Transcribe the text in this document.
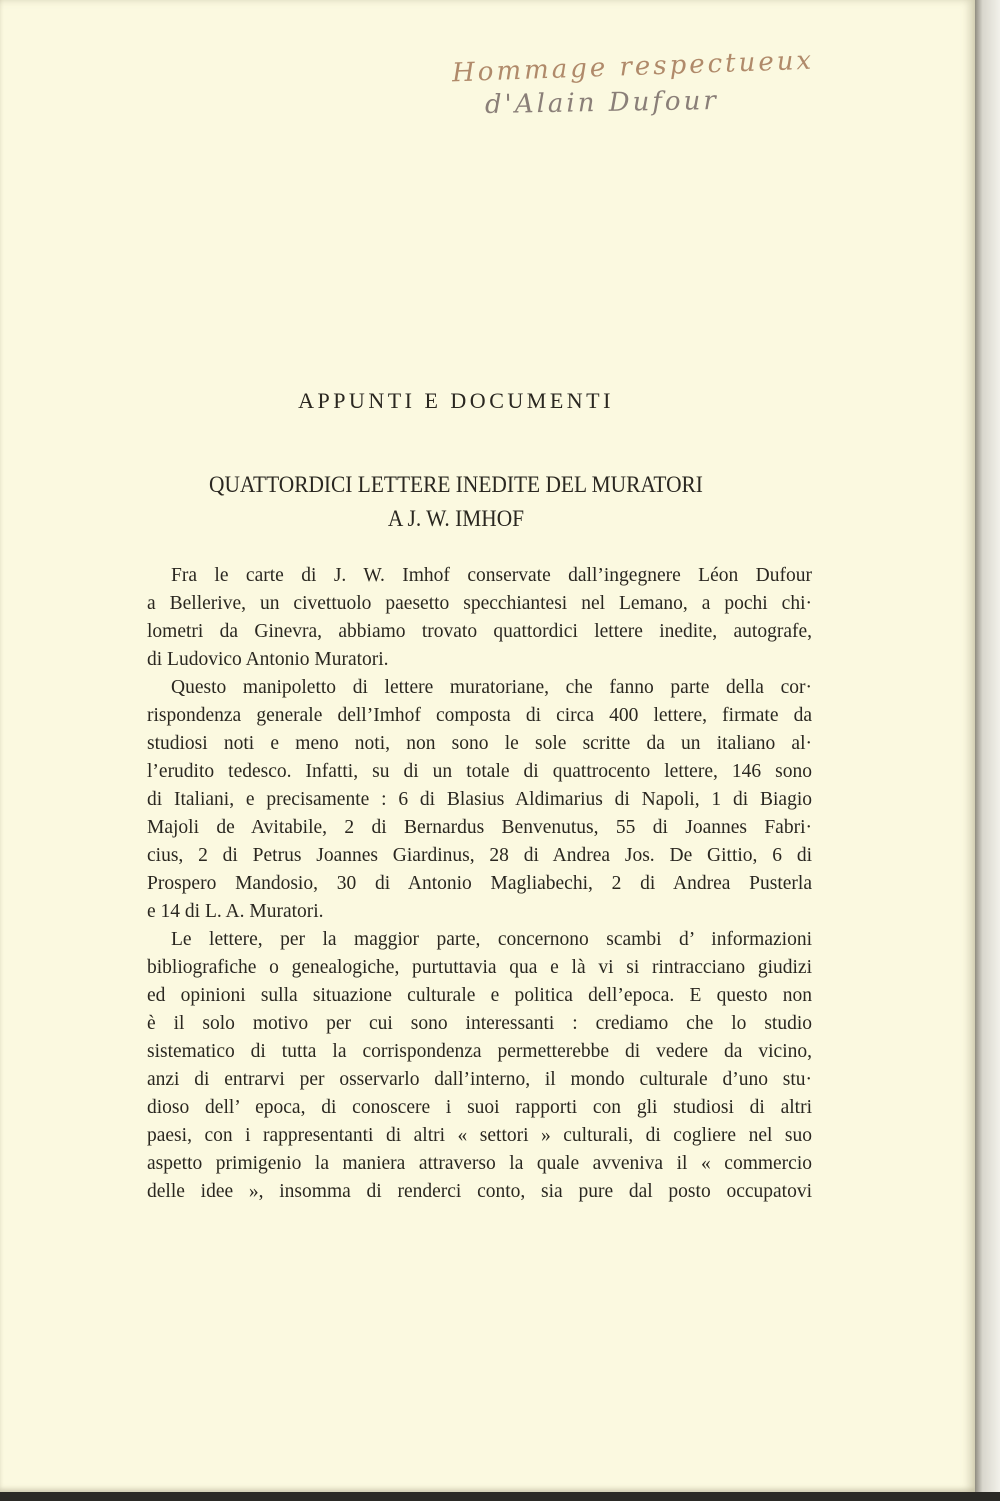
Hommage respectueux
d'Alain Dufour
APPUNTI E DOCUMENTI
QUATTORDICI LETTERE INEDITE DEL MURATORI
A J. W. IMHOF
Fra le carte di J. W. Imhof conservate dall’ingegnere Léon Dufour
a Bellerive, un civettuolo paesetto specchiantesi nel Lemano, a pochi chi·
lometri da Ginevra, abbiamo trovato quattordici lettere inedite, autografe,
di Ludovico Antonio Muratori.
Questo manipoletto di lettere muratoriane, che fanno parte della cor·
rispondenza generale dell’Imhof composta di circa 400 lettere, firmate da
studiosi noti e meno noti, non sono le sole scritte da un italiano al·
l’erudito tedesco. Infatti, su di un totale di quattrocento lettere, 146 sono
di Italiani, e precisamente : 6 di Blasius Aldimarius di Napoli, 1 di Biagio
Majoli de Avitabile, 2 di Bernardus Benvenutus, 55 di Joannes Fabri·
cius, 2 di Petrus Joannes Giardinus, 28 di Andrea Jos. De Gittio, 6 di
Prospero Mandosio, 30 di Antonio Magliabechi, 2 di Andrea Pusterla
e 14 di L. A. Muratori.
Le lettere, per la maggior parte, concernono scambi d’ informazioni
bibliografiche o genealogiche, purtuttavia qua e là vi si rintracciano giudizi
ed opinioni sulla situazione culturale e politica dell’epoca. E questo non
è il solo motivo per cui sono interessanti : crediamo che lo studio
sistematico di tutta la corrispondenza permetterebbe di vedere da vicino,
anzi di entrarvi per osservarlo dall’interno, il mondo culturale d’uno stu·
dioso dell’ epoca, di conoscere i suoi rapporti con gli studiosi di altri
paesi, con i rappresentanti di altri « settori » culturali, di cogliere nel suo
aspetto primigenio la maniera attraverso la quale avveniva il « commercio
delle idee », insomma di renderci conto, sia pure dal posto occupatovi
